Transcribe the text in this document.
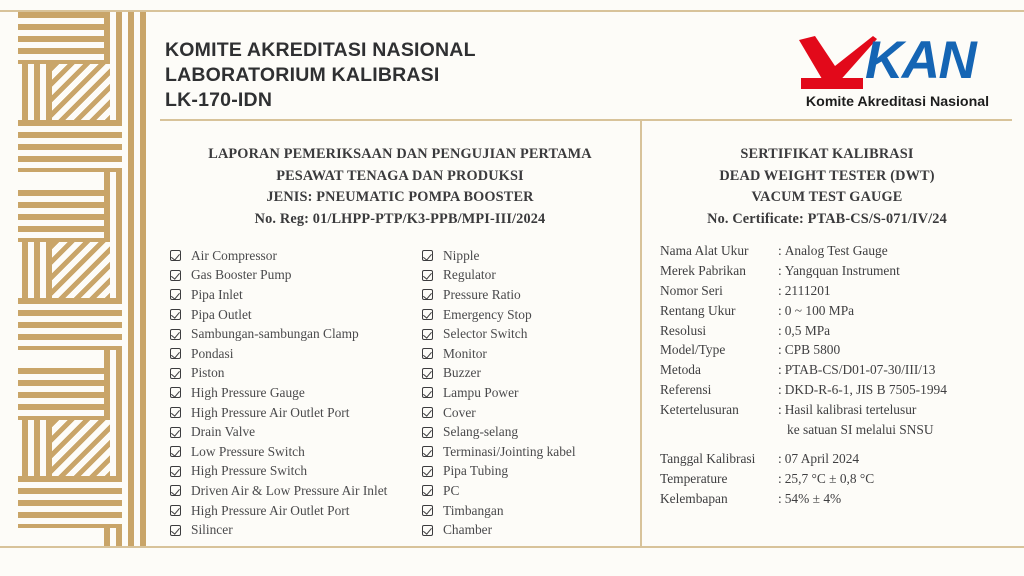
KOMITE AKREDITASI NASIONAL
LABORATORIUM KALIBRASI
LK-170-IDN
KAN
Komite Akreditasi Nasional
LAPORAN PEMERIKSAAN DAN PENGUJIAN PERTAMA
PESAWAT TENAGA DAN PRODUKSI
JENIS: PNEUMATIC POMPA BOOSTER
No. Reg: 01/LHPP-PTP/K3-PPB/MPI-III/2024
Air Compressor
Gas Booster Pump
Pipa Inlet
Pipa Outlet
Sambungan-sambungan Clamp
Pondasi
Piston
High Pressure Gauge
High Pressure Air Outlet Port
Drain Valve
Low Pressure Switch
High Pressure Switch
Driven Air & Low Pressure Air Inlet
High Pressure Air Outlet Port
Silincer
Nipple
Regulator
Pressure Ratio
Emergency Stop
Selector Switch
Monitor
Buzzer
Lampu Power
Cover
Selang-selang
Terminasi/Jointing kabel
Pipa Tubing
PC
Timbangan
Chamber
SERTIFIKAT KALIBRASI
DEAD WEIGHT TESTER (DWT)
VACUM TEST GAUGE
No. Certificate: PTAB-CS/S-071/IV/24
Nama Alat Ukur	: Analog Test Gauge
Merek Pabrikan	: Yangquan Instrument
Nomor Seri	: 2111201
Rentang Ukur	: 0 ~ 100 MPa
Resolusi	: 0,5 MPa
Model/Type	: CPB 5800
Metoda	: PTAB-CS/D01-07-30/III/13
Referensi	: DKD-R-6-1, JIS B 7505-1994
Ketertelusuran	: Hasil kalibrasi tertelusur
ke satuan SI melalui SNSU
Tanggal Kalibrasi	: 07 April 2024
Temperature	: 25,7 °C ± 0,8 °C
Kelembapan	: 54% ± 4%
